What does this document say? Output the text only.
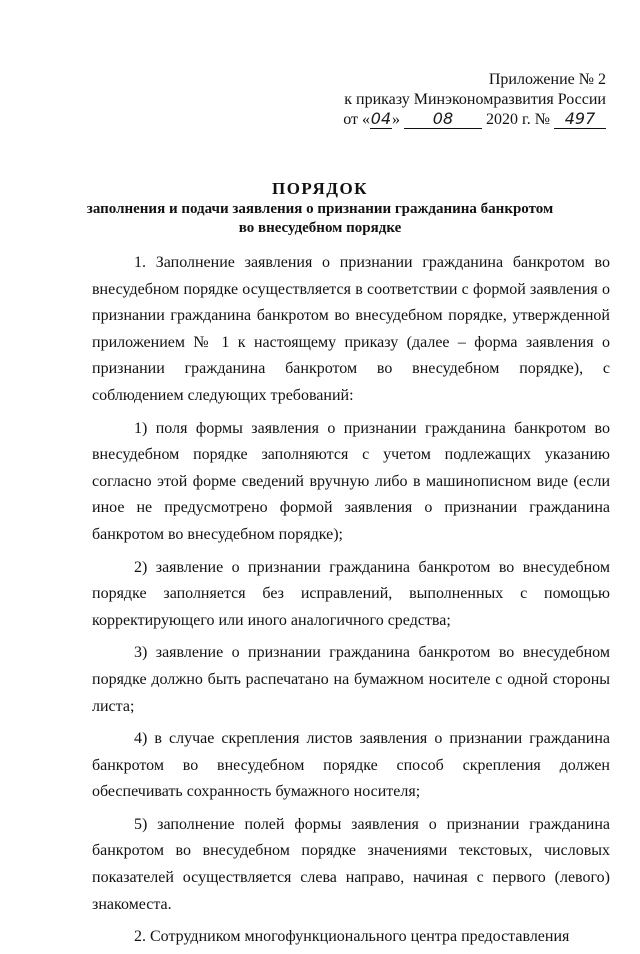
Приложение № 2
к приказу Минэкономразвития России
от «04» 08 2020 г. № 497
ПОРЯДОК
заполнения и подачи заявления о признании гражданина банкротом
во внесудебном порядке

1. Заполнение заявления о признании гражданина банкротом во внесудебном порядке осуществляется в соответствии с формой заявления о признании гражданина банкротом во внесудебном порядке, утвержденной приложением № 1 к настоящему приказу (далее – форма заявления о признании гражданина банкротом во внесудебном порядке), с соблюдением следующих требований:

1) поля формы заявления о признании гражданина банкротом во внесудебном порядке заполняются с учетом подлежащих указанию согласно этой форме сведений вручную либо в машинописном виде (если иное не предусмотрено формой заявления о признании гражданина банкротом во внесудебном порядке);

2) заявление о признании гражданина банкротом во внесудебном порядке заполняется без исправлений, выполненных с помощью корректирующего или иного аналогичного средства;

3) заявление о признании гражданина банкротом во внесудебном порядке должно быть распечатано на бумажном носителе с одной стороны листа;

4) в случае скрепления листов заявления о признании гражданина банкротом во внесудебном порядке способ скрепления должен обеспечивать сохранность бумажного носителя;

5) заполнение полей формы заявления о признании гражданина банкротом во внесудебном порядке значениями текстовых, числовых показателей осуществляется слева направо, начиная с первого (левого) знакоместа.

2. Сотрудником многофункционального центра предоставления
